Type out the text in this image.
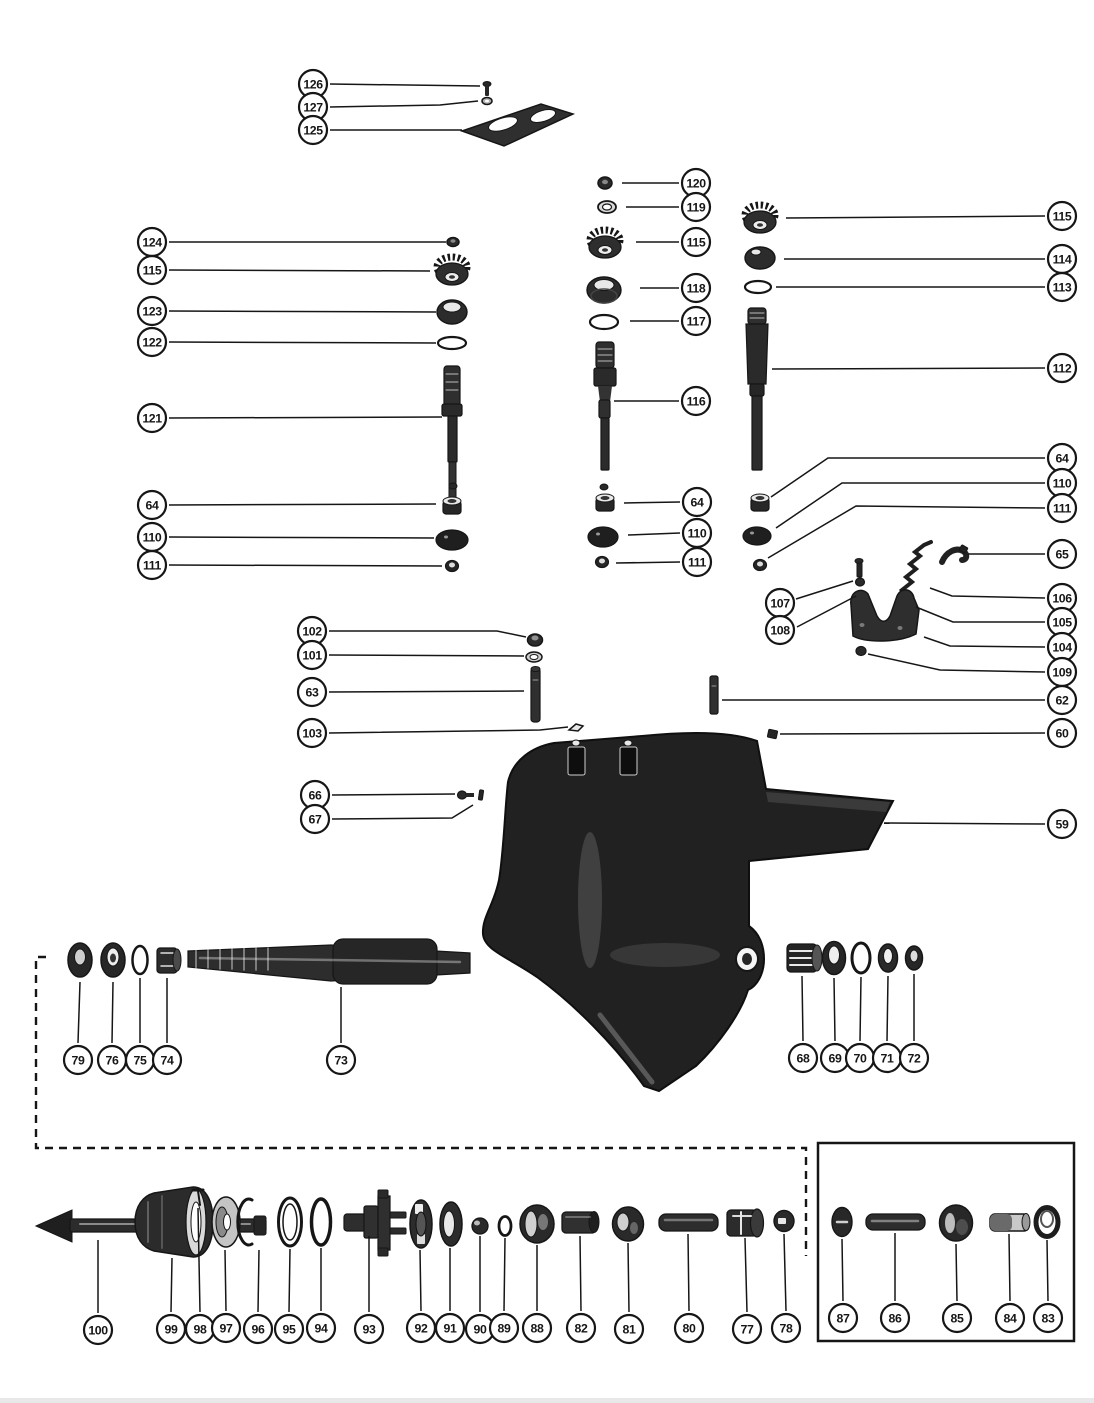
126
127
125
120
119
115
118
117
116
115
114
113
112
124
115
123
122
121
64
110
111
64
110
111
64
110
111
65
107
108
106
105
104
109
62
60
102
101
63
103
66
67	59
79 76 75 74	73	68 69 70 71 72
100	99 98 97 96 95 94	93	92 91 90 89 88	82	81	80	77 78
87	86	85	84 83
